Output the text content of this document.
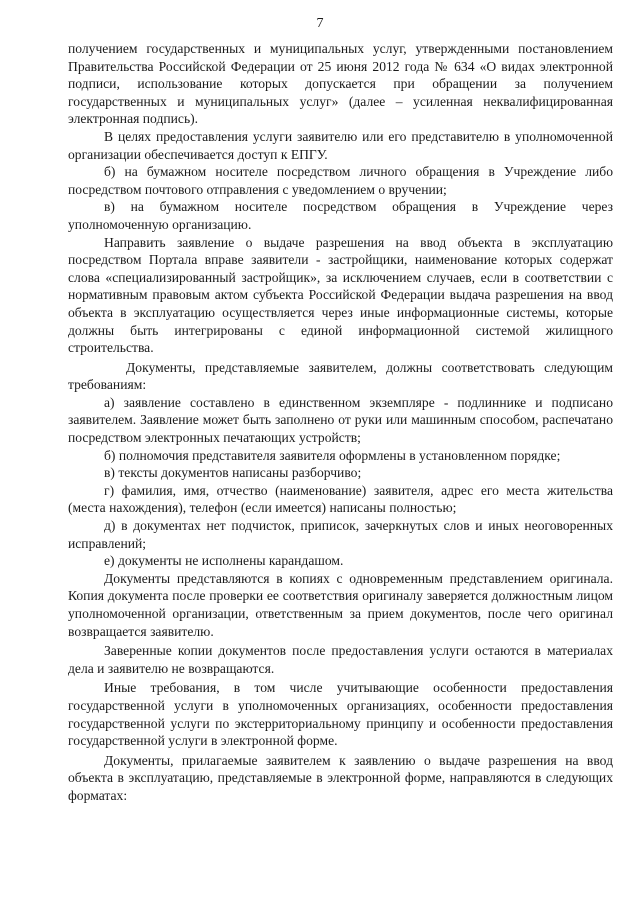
7

получением государственных и муниципальных услуг, утвержденными постановлением Правительства Российской Федерации от 25 июня 2012 года № 634 «О видах электронной подписи, использование которых допускается при обращении за получением государственных и муниципальных услуг» (далее – усиленная неквалифицированная электронная подпись).

В целях предоставления услуги заявителю или его представителю в уполномоченной организации обеспечивается доступ к ЕПГУ.

б) на бумажном носителе посредством личного обращения в Учреждение либо посредством почтового отправления с уведомлением о вручении;

в) на бумажном носителе посредством обращения в Учреждение через уполномоченную организацию.

Направить заявление о выдаче разрешения на ввод объекта в эксплуатацию посредством Портала вправе заявители - застройщики, наименование которых содержат слова «специализированный застройщик», за исключением случаев, если в соответствии с нормативным правовым актом субъекта Российской Федерации выдача разрешения на ввод объекта в эксплуатацию осуществляется через иные информационные системы, которые должны быть интегрированы с единой информационной системой жилищного строительства.

Документы, представляемые заявителем, должны соответствовать следующим требованиям:

а) заявление составлено в единственном экземпляре - подлиннике и подписано заявителем. Заявление может быть заполнено от руки или машинным способом, распечатано посредством электронных печатающих устройств;

б) полномочия представителя заявителя оформлены в установленном порядке;

в) тексты документов написаны разборчиво;

г) фамилия, имя, отчество (наименование) заявителя, адрес его места жительства (места нахождения), телефон (если имеется) написаны полностью;

д) в документах нет подчисток, приписок, зачеркнутых слов и иных неоговоренных исправлений;

е) документы не исполнены карандашом.

Документы представляются в копиях с одновременным представлением оригинала. Копия документа после проверки ее соответствия оригиналу заверяется должностным лицом уполномоченной организации, ответственным за прием документов, после чего оригинал возвращается заявителю.

Заверенные копии документов после предоставления услуги остаются в материалах дела и заявителю не возвращаются.

Иные требования, в том числе учитывающие особенности предоставления государственной услуги в уполномоченных организациях, особенности предоставления государственной услуги по экстерриториальному принципу и особенности предоставления государственной услуги в электронной форме.

Документы, прилагаемые заявителем к заявлению о выдаче разрешения на ввод объекта в эксплуатацию, представляемые в электронной форме, направляются в следующих форматах:
